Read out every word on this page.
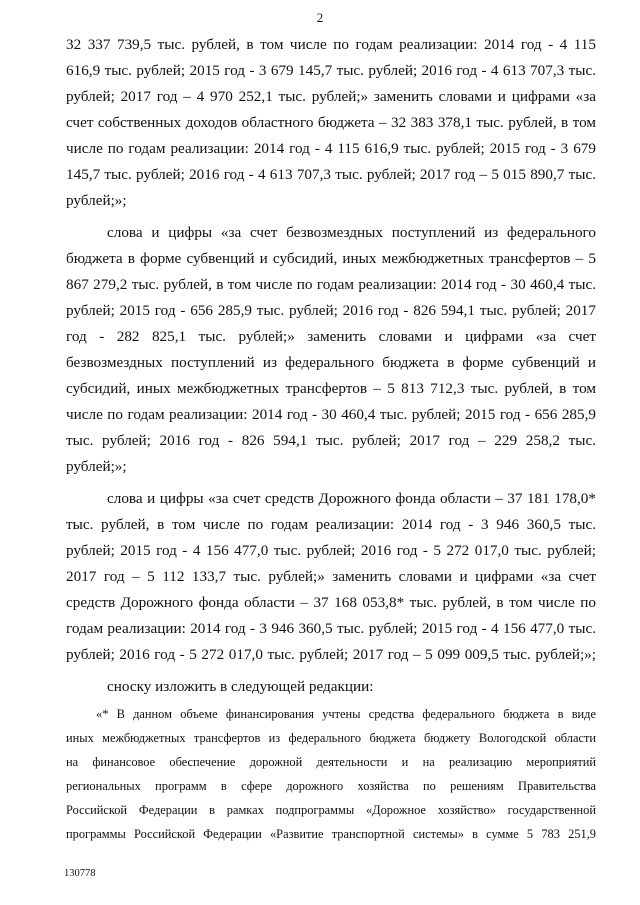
2
32 337 739,5 тыс. рублей, в том числе по годам реализации: 2014 год - 4 115
616,9 тыс. рублей; 2015 год - 3 679 145,7 тыс. рублей; 2016 год - 4 613 707,3 тыс.
рублей; 2017 год – 4 970 252,1 тыс. рублей;» заменить словами и цифрами «за
счет собственных доходов областного бюджета – 32 383 378,1 тыс. рублей, в том
числе по годам реализации: 2014 год - 4 115 616,9 тыс. рублей; 2015 год - 3 679
145,7 тыс. рублей; 2016 год - 4 613 707,3 тыс. рублей; 2017 год – 5 015 890,7 тыс.
рублей;»;
слова и цифры «за счет безвозмездных поступлений из федерального
бюджета в форме субвенций и субсидий, иных межбюджетных трансфертов – 5
867 279,2 тыс. рублей, в том числе по годам реализации: 2014 год - 30 460,4 тыс.
рублей; 2015 год - 656 285,9 тыс. рублей; 2016 год - 826 594,1 тыс. рублей; 2017
год - 282 825,1 тыс. рублей;» заменить словами и цифрами «за счет
безвозмездных поступлений из федерального бюджета в форме субвенций и
субсидий, иных межбюджетных трансфертов – 5 813 712,3 тыс. рублей, в том
числе по годам реализации: 2014 год - 30 460,4 тыс. рублей; 2015 год - 656 285,9
тыс. рублей; 2016 год - 826 594,1 тыс. рублей; 2017 год – 229 258,2 тыс.
рублей;»;
слова и цифры «за счет средств Дорожного фонда области – 37 181 178,0*
тыс. рублей, в том числе по годам реализации: 2014 год - 3 946 360,5 тыс.
рублей; 2015 год - 4 156 477,0 тыс. рублей; 2016 год - 5 272 017,0 тыс. рублей;
2017 год – 5 112 133,7 тыс. рублей;» заменить словами и цифрами «за счет
средств Дорожного фонда области – 37 168 053,8* тыс. рублей, в том числе по
годам реализации: 2014 год - 3 946 360,5 тыс. рублей; 2015 год - 4 156 477,0 тыс.
рублей; 2016 год - 5 272 017,0 тыс. рублей; 2017 год – 5 099 009,5 тыс. рублей;»;
сноску изложить в следующей редакции:
«* В данном объеме финансирования учтены средства федерального бюджета в виде
иных межбюджетных трансфертов из федерального бюджета бюджету Вологодской области
на финансовое обеспечение дорожной деятельности и на реализацию мероприятий
региональных программ в сфере дорожного хозяйства по решениям Правительства
Российской Федерации в рамках подпрограммы «Дорожное хозяйство» государственной
программы Российской Федерации «Развитие транспортной системы» в сумме 5 783 251,9
130778
